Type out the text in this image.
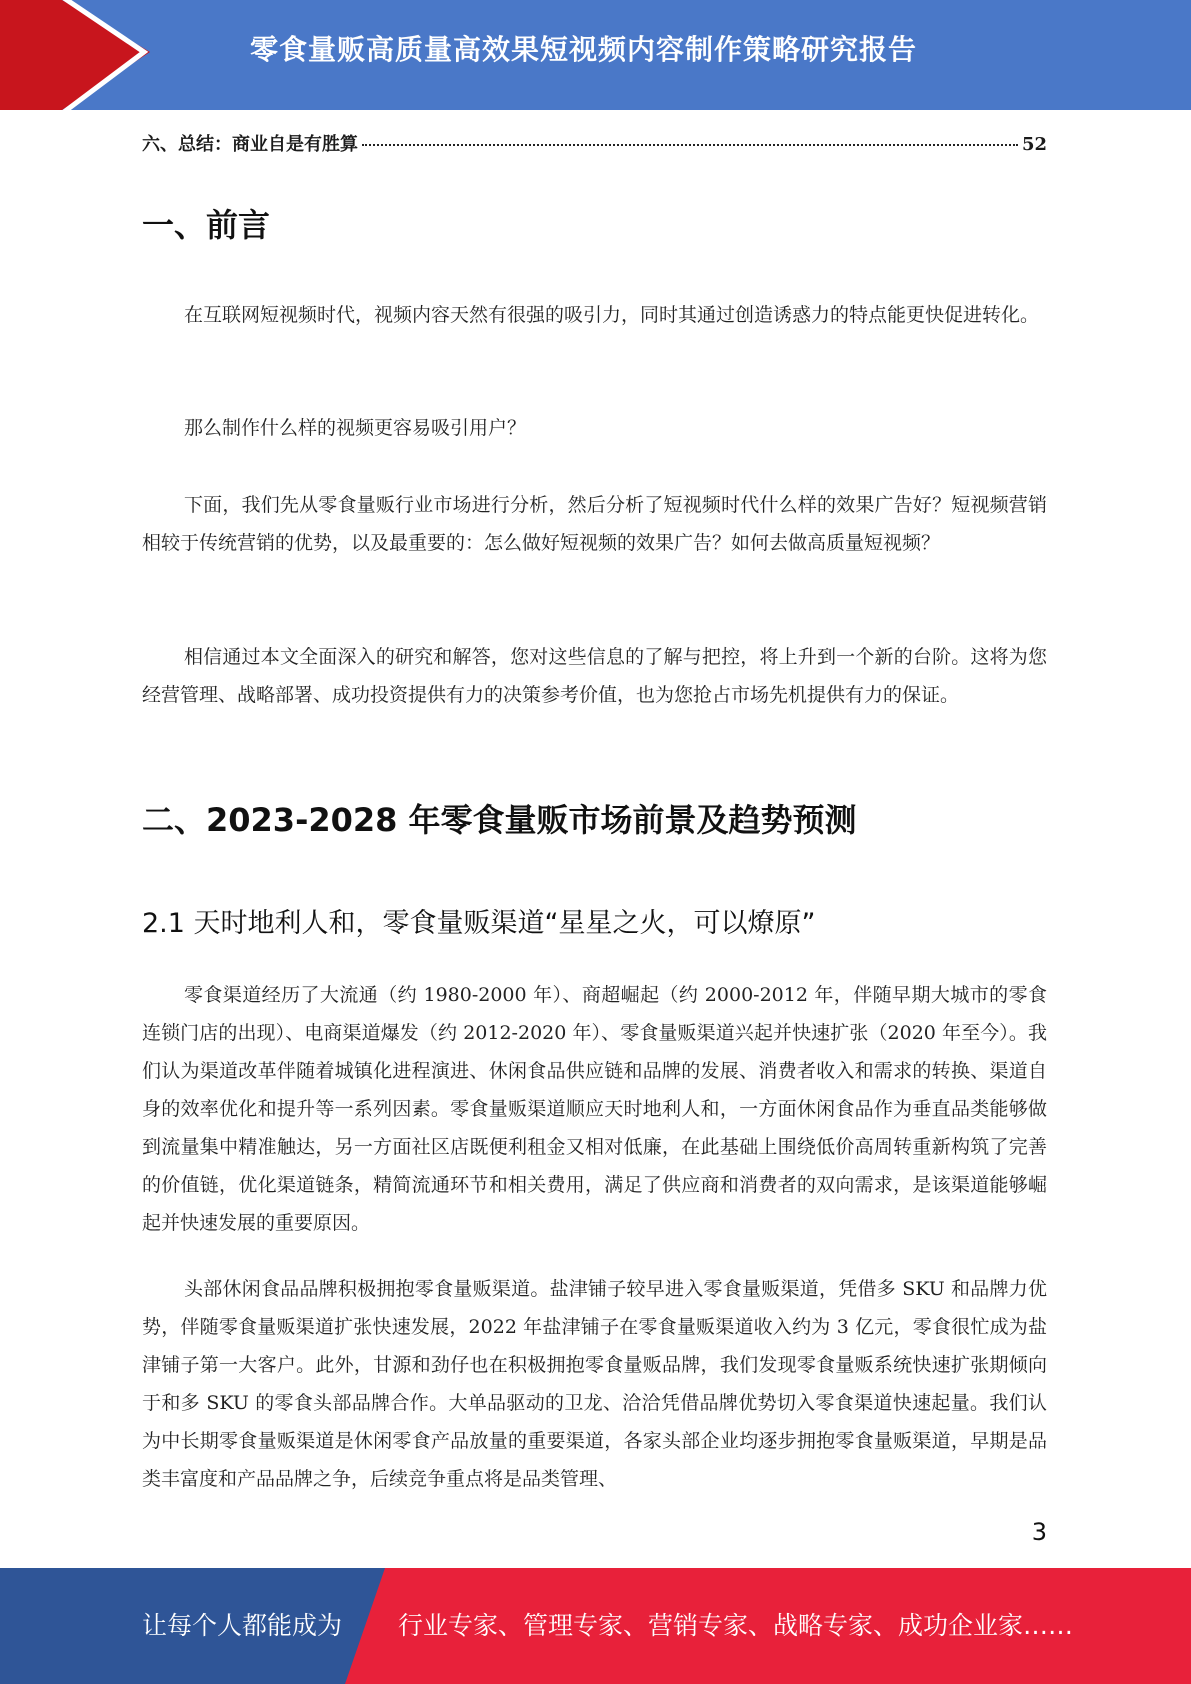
零食量贩高质量高效果短视频内容制作策略研究报告
六、总结：商业自是有胜算	52
一、前言

在互联网短视频时代，视频内容天然有很强的吸引力，同时其通过创造诱惑力的特点能更快促进转化。

那么制作什么样的视频更容易吸引用户？

下面，我们先从零食量贩行业市场进行分析，然后分析了短视频时代什么样的效果广告好？短视频营销相较于传统营销的优势，以及最重要的：怎么做好短视频的效果广告？如何去做高质量短视频？

相信通过本文全面深入的研究和解答，您对这些信息的了解与把控，将上升到一个新的台阶。这将为您经营管理、战略部署、成功投资提供有力的决策参考价值，也为您抢占市场先机提供有力的保证。

二、2023-2028 年零食量贩市场前景及趋势预测
2.1 天时地利人和，零食量贩渠道“星星之火，可以燎原”

零食渠道经历了大流通（约 1980-2000 年）、商超崛起（约 2000-2012 年，伴随早期大城市的零食连锁门店的出现）、电商渠道爆发（约 2012-2020 年）、零食量贩渠道兴起并快速扩张（2020 年至今）。我们认为渠道改革伴随着城镇化进程演进、休闲食品供应链和品牌的发展、消费者收入和需求的转换、渠道自身的效率优化和提升等一系列因素。零食量贩渠道顺应天时地利人和，一方面休闲食品作为垂直品类能够做到流量集中精准触达，另一方面社区店既便利租金又相对低廉，在此基础上围绕低价高周转重新构筑了完善的价值链，优化渠道链条，精简流通环节和相关费用，满足了供应商和消费者的双向需求，是该渠道能够崛起并快速发展的重要原因。

头部休闲食品品牌积极拥抱零食量贩渠道。盐津铺子较早进入零食量贩渠道，凭借多 SKU 和品牌力优势，伴随零食量贩渠道扩张快速发展，2022 年盐津铺子在零食量贩渠道收入约为 3 亿元，零食很忙成为盐津铺子第一大客户。此外，甘源和劲仔也在积极拥抱零食量贩品牌，我们发现零食量贩系统快速扩张期倾向于和多 SKU 的零食头部品牌合作。大单品驱动的卫龙、洽洽凭借品牌优势切入零食渠道快速起量。我们认为中长期零食量贩渠道是休闲零食产品放量的重要渠道，各家头部企业均逐步拥抱零食量贩渠道，早期是品类丰富度和产品品牌之争，后续竞争重点将是品类管理、

3
让每个人都能成为 行业专家、管理专家、营销专家、战略专家、成功企业家……
